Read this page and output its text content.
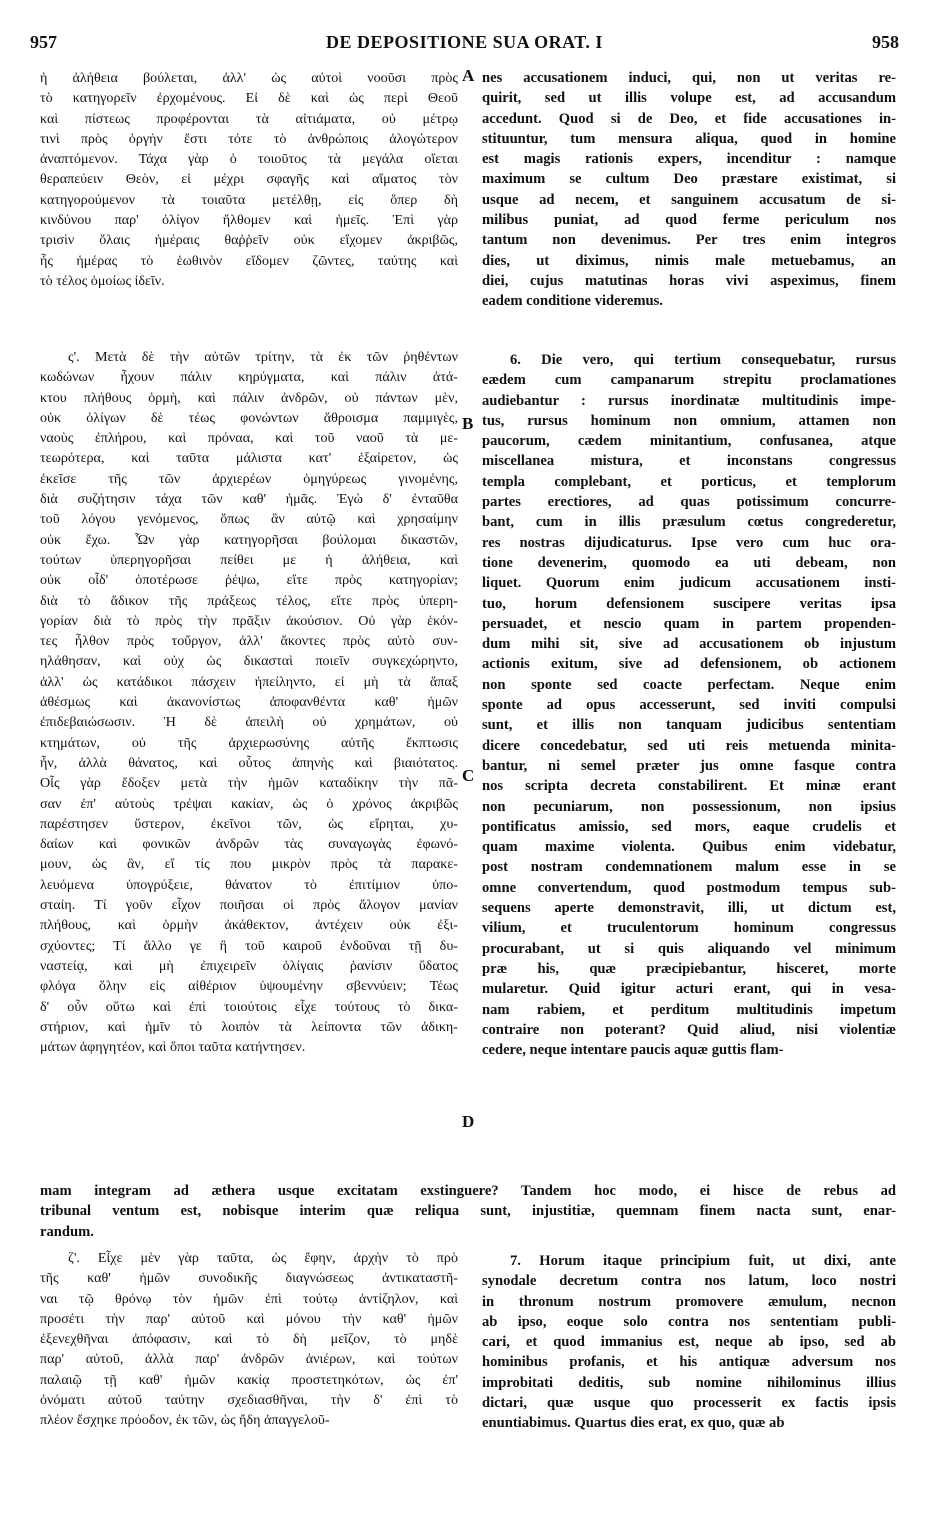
957	DE DEPOSITIONE SUA ORAT. I	958
A
B
C
D
ἡ ἀλήθεια βούλεται, ἀλλ' ὡς αὐτοὶ νοοῦσι πρὸς
τὸ κατηγορεῖν ἐρχομένους. Εἰ δὲ καὶ ὡς περὶ Θεοῦ
καὶ πίστεως προφέρονται τὰ αἰτιάματα, οὐ μέτρῳ
τινὶ πρὸς ὀργὴν ἔστι τότε τὸ ἀνθρώποις ἀλογώτερον
ἀναπτόμενον. Τάχα γὰρ ὁ τοιοῦτος τὰ μεγάλα οἴεται
θεραπεύειν Θεὸν, εἰ μέχρι σφαγῆς καὶ αἵματος τὸν
κατηγορούμενον τὰ τοιαῦτα μετέλθῃ, εἰς ὅπερ δὴ
κινδύνου παρ' ὀλίγον ἤλθομεν καὶ ἡμεῖς. Ἐπὶ γὰρ
τρισὶν ὅλαις ἡμέραις θαῤῥεῖν οὐκ εἴχομεν ἀκριβῶς,
ἧς ἡμέρας τὸ ἑωθινὸν εἴδομεν ζῶντες, ταύτης καὶ
τὸ τέλος ὁμοίως ἰδεῖν.
ς'. Μετὰ δὲ τὴν αὐτῶν τρίτην, τὰ ἐκ τῶν ῥηθέντων
κωδώνων ἦχουν πάλιν κηρύγματα, καὶ πάλιν ἀτά-
κτου πλήθους ὁρμὴ, καὶ πάλιν ἀνδρῶν, οὐ πάντων μὲν,
οὐκ ὀλίγων δὲ τέως φονώντων ἄθροισμα παμμιγὲς,
ναοὺς ἐπλήρου, καὶ πρόναα, καὶ τοῦ ναοῦ τὰ με-
τεωρότερα, καὶ ταῦτα μάλιστα κατ' ἐξαίρετον, ὡς
ἐκεῖσε τῆς τῶν ἀρχιερέων ὁμηγύρεως γινομένης,
διὰ συζήτησιν τάχα τῶν καθ' ἡμᾶς. Ἐγὼ δ' ἐνταῦθα
τοῦ λόγου γενόμενος, ὅπως ἂν αὐτῷ καὶ χρησαίμην
οὐκ ἔχω. Ὧν γὰρ κατηγορῆσαι βούλομαι δικαστῶν,
τούτων ὑπερηγορῆσαι πείθει με ἡ ἀλήθεια, καὶ
οὐκ οἶδ' ὁποτέρωσε ῥέψω, εἴτε πρὸς κατηγορίαν;
διὰ τὸ ἄδικον τῆς πράξεως τέλος, εἴτε πρὸς ὑπερη-
γορίαν διὰ τὸ πρὸς τὴν πρᾶξιν ἀκούσιον. Οὐ γὰρ ἑκόν-
τες ἦλθον πρὸς τοὔργον, ἀλλ' ἄκοντες πρὸς αὐτὸ συν-
ηλάθησαν, καὶ οὐχ ὡς δικασταὶ ποιεῖν συγκεχώρηντο,
ἀλλ' ὡς κατάδικοι πάσχειν ἠπείληντο, εἰ μὴ τὰ ἅπαξ
ἀθέσμως καὶ ἀκανονίστως ἀποφανθέντα καθ' ἡμῶν
ἐπιδεβαιώσωσιν. Ἡ δὲ ἀπειλὴ οὐ χρημάτων, οὐ
κτημάτων, οὐ τῆς ἀρχιερωσύνης αὐτῆς ἔκπτωσις
ἦν, ἀλλὰ θάνατος, καὶ οὗτος ἀπηνὴς καὶ βιαιότατος.
Οἷς γὰρ ἔδοξεν μετὰ τὴν ἡμῶν καταδίκην τὴν πᾶ-
σαν ἐπ' αὐτοὺς τρέψαι κακίαν, ὡς ὁ χρόνος ἀκριβῶς
παρέστησεν ὕστερον, ἐκεῖνοι τῶν, ὡς εἴρηται, χυ-
δαίων καὶ φονικῶν ἀνδρῶν τὰς συναγωγὰς ἐφωνό-
μουν, ὡς ἂν, εἴ τίς που μικρὸν πρὸς τὰ παρακε-
λευόμενα ὑπογρύξειε, θάνατον τὸ ἐπιτίμιον ὑπο-
σταίη. Τί γοῦν εἶχον ποιῆσαι οἱ πρὸς ἄλογον μανίαν
πλήθους, καὶ ὁρμὴν ἀκάθεκτον, ἀντέχειν οὐκ ἐξι-
σχύοντες; Τί ἄλλο γε ἢ τοῦ καιροῦ ἐνδοῦναι τῇ δυ-
ναστείᾳ, καὶ μὴ ἐπιχειρεῖν ὀλίγαις ῥανίσιν ὕδατος
φλόγα ὅλην εἰς αἰθέριον ὑψουμένην σβεννύειν; Τέως
δ' οὖν οὕτω καὶ ἐπὶ τοιούτοις εἶχε τούτους τὸ δικα-
στήριον, καὶ ἡμῖν τὸ λοιπὸν τὰ λείποντα τῶν ἀδικη-
μάτων ἀφηγητέον, καὶ ὅποι ταῦτα κατήντησεν.
nes accusationem induci, qui, non ut veritas re-
quirit, sed ut illis volupe est, ad accusandum
accedunt. Quod si de Deo, et fide accusationes in-
stituuntur, tum mensura aliqua, quod in homine
est magis rationis expers, incenditur : namque
maximum se cultum Deo præstare existimat, si
usque ad necem, et sanguinem accusatum de si-
milibus puniat, ad quod ferme periculum nos
tantum non devenimus. Per tres enim integros
dies, ut diximus, nimis male metuebamus, an
diei, cujus matutinas horas vivi aspeximus, finem
eadem conditione videremus.
6. Die vero, qui tertium consequebatur, rursus
eædem cum campanarum strepitu proclamationes
audiebantur : rursus inordinatæ multitudinis impe-
tus, rursus hominum non omnium, attamen non
paucorum, cædem minitantium, confusanea, atque
miscellanea mistura, et inconstans congressus
templa complebant, et porticus, et templorum
partes erectiores, ad quas potissimum concurre-
bant, cum in illis præsulum cœtus congrederetur,
res nostras dijudicaturus. Ipse vero cum huc ora-
tione devenerim, quomodo ea uti debeam, non
liquet. Quorum enim judicum accusationem insti-
tuo, horum defensionem suscipere veritas ipsa
persuadet, et nescio quam in partem propenden-
dum mihi sit, sive ad accusationem ob injustum
actionis exitum, sive ad defensionem, ob actionem
non sponte sed coacte perfectam. Neque enim
sponte ad opus accesserunt, sed inviti compulsi
sunt, et illis non tanquam judicibus sententiam
dicere concedebatur, sed uti reis metuenda minita-
bantur, ni semel præter jus omne fasque contra
nos scripta decreta constabilirent. Et minæ erant
non pecuniarum, non possessionum, non ipsius
pontificatus amissio, sed mors, eaque crudelis et
quam maxime violenta. Quibus enim videbatur,
post nostram condemnationem malum esse in se
omne convertendum, quod postmodum tempus sub-
sequens aperte demonstravit, illi, ut dictum est,
vilium, et truculentorum hominum congressus
procurabant, ut si quis aliquando vel minimum
præ his, quæ præcipiebantur, hisceret, morte
mularetur. Quid igitur acturi erant, qui in vesa-
nam rabiem, et perditum multitudinis impetum
contraire non poterant? Quid aliud, nisi violentiæ
cedere, neque intentare paucis aquæ guttis flam-
mam integram ad æthera usque excitatam exstinguere? Tandem hoc modo, ei hisce de rebus ad
tribunal ventum est, nobisque interim quæ reliqua sunt, injustitiæ, quemnam finem nacta sunt, enar-
randum.
ζ'. Εἶχε μὲν γὰρ ταῦτα, ὡς ἔφην, ἀρχὴν τὸ πρὸ
τῆς καθ' ἡμῶν συνοδικῆς διαγνώσεως ἀντικαταστῆ-
ναι τῷ θρόνῳ τὸν ἡμῶν ἐπὶ τούτῳ ἀντίζηλον, καὶ
προσέτι τὴν παρ' αὐτοῦ καὶ μόνου τὴν καθ' ἡμῶν
ἐξενεχθῆναι ἀπόφασιν, καὶ τὸ δὴ μεῖζον, τὸ μηδὲ
παρ' αὐτοῦ, ἀλλὰ παρ' ἀνδρῶν ἀνιέρων, καὶ τούτων
παλαιῷ τῇ καθ' ἡμῶν κακίᾳ προστετηκότων, ὡς ἐπ'
ὀνόματι αὐτοῦ ταύτην σχεδιασθῆναι, τὴν δ' ἐπὶ τὸ
πλέον ἔσχηκε πρόοδον, ἐκ τῶν, ὡς ἤδη ἀπαγγελοῦ-
7. Horum itaque principium fuit, ut dixi, ante
synodale decretum contra nos latum, loco nostri
in thronum nostrum promovere æmulum, necnon
ab ipso, eoque solo contra nos sententiam publi-
cari, et quod immanius est, neque ab ipso, sed ab
hominibus profanis, et his antiquæ adversum nos
improbitati deditis, sub nomine nihilominus illius
dictari, quæ usque quo processerit ex factis ipsis
enuntiabimus. Quartus dies erat, ex quo, quæ ab
